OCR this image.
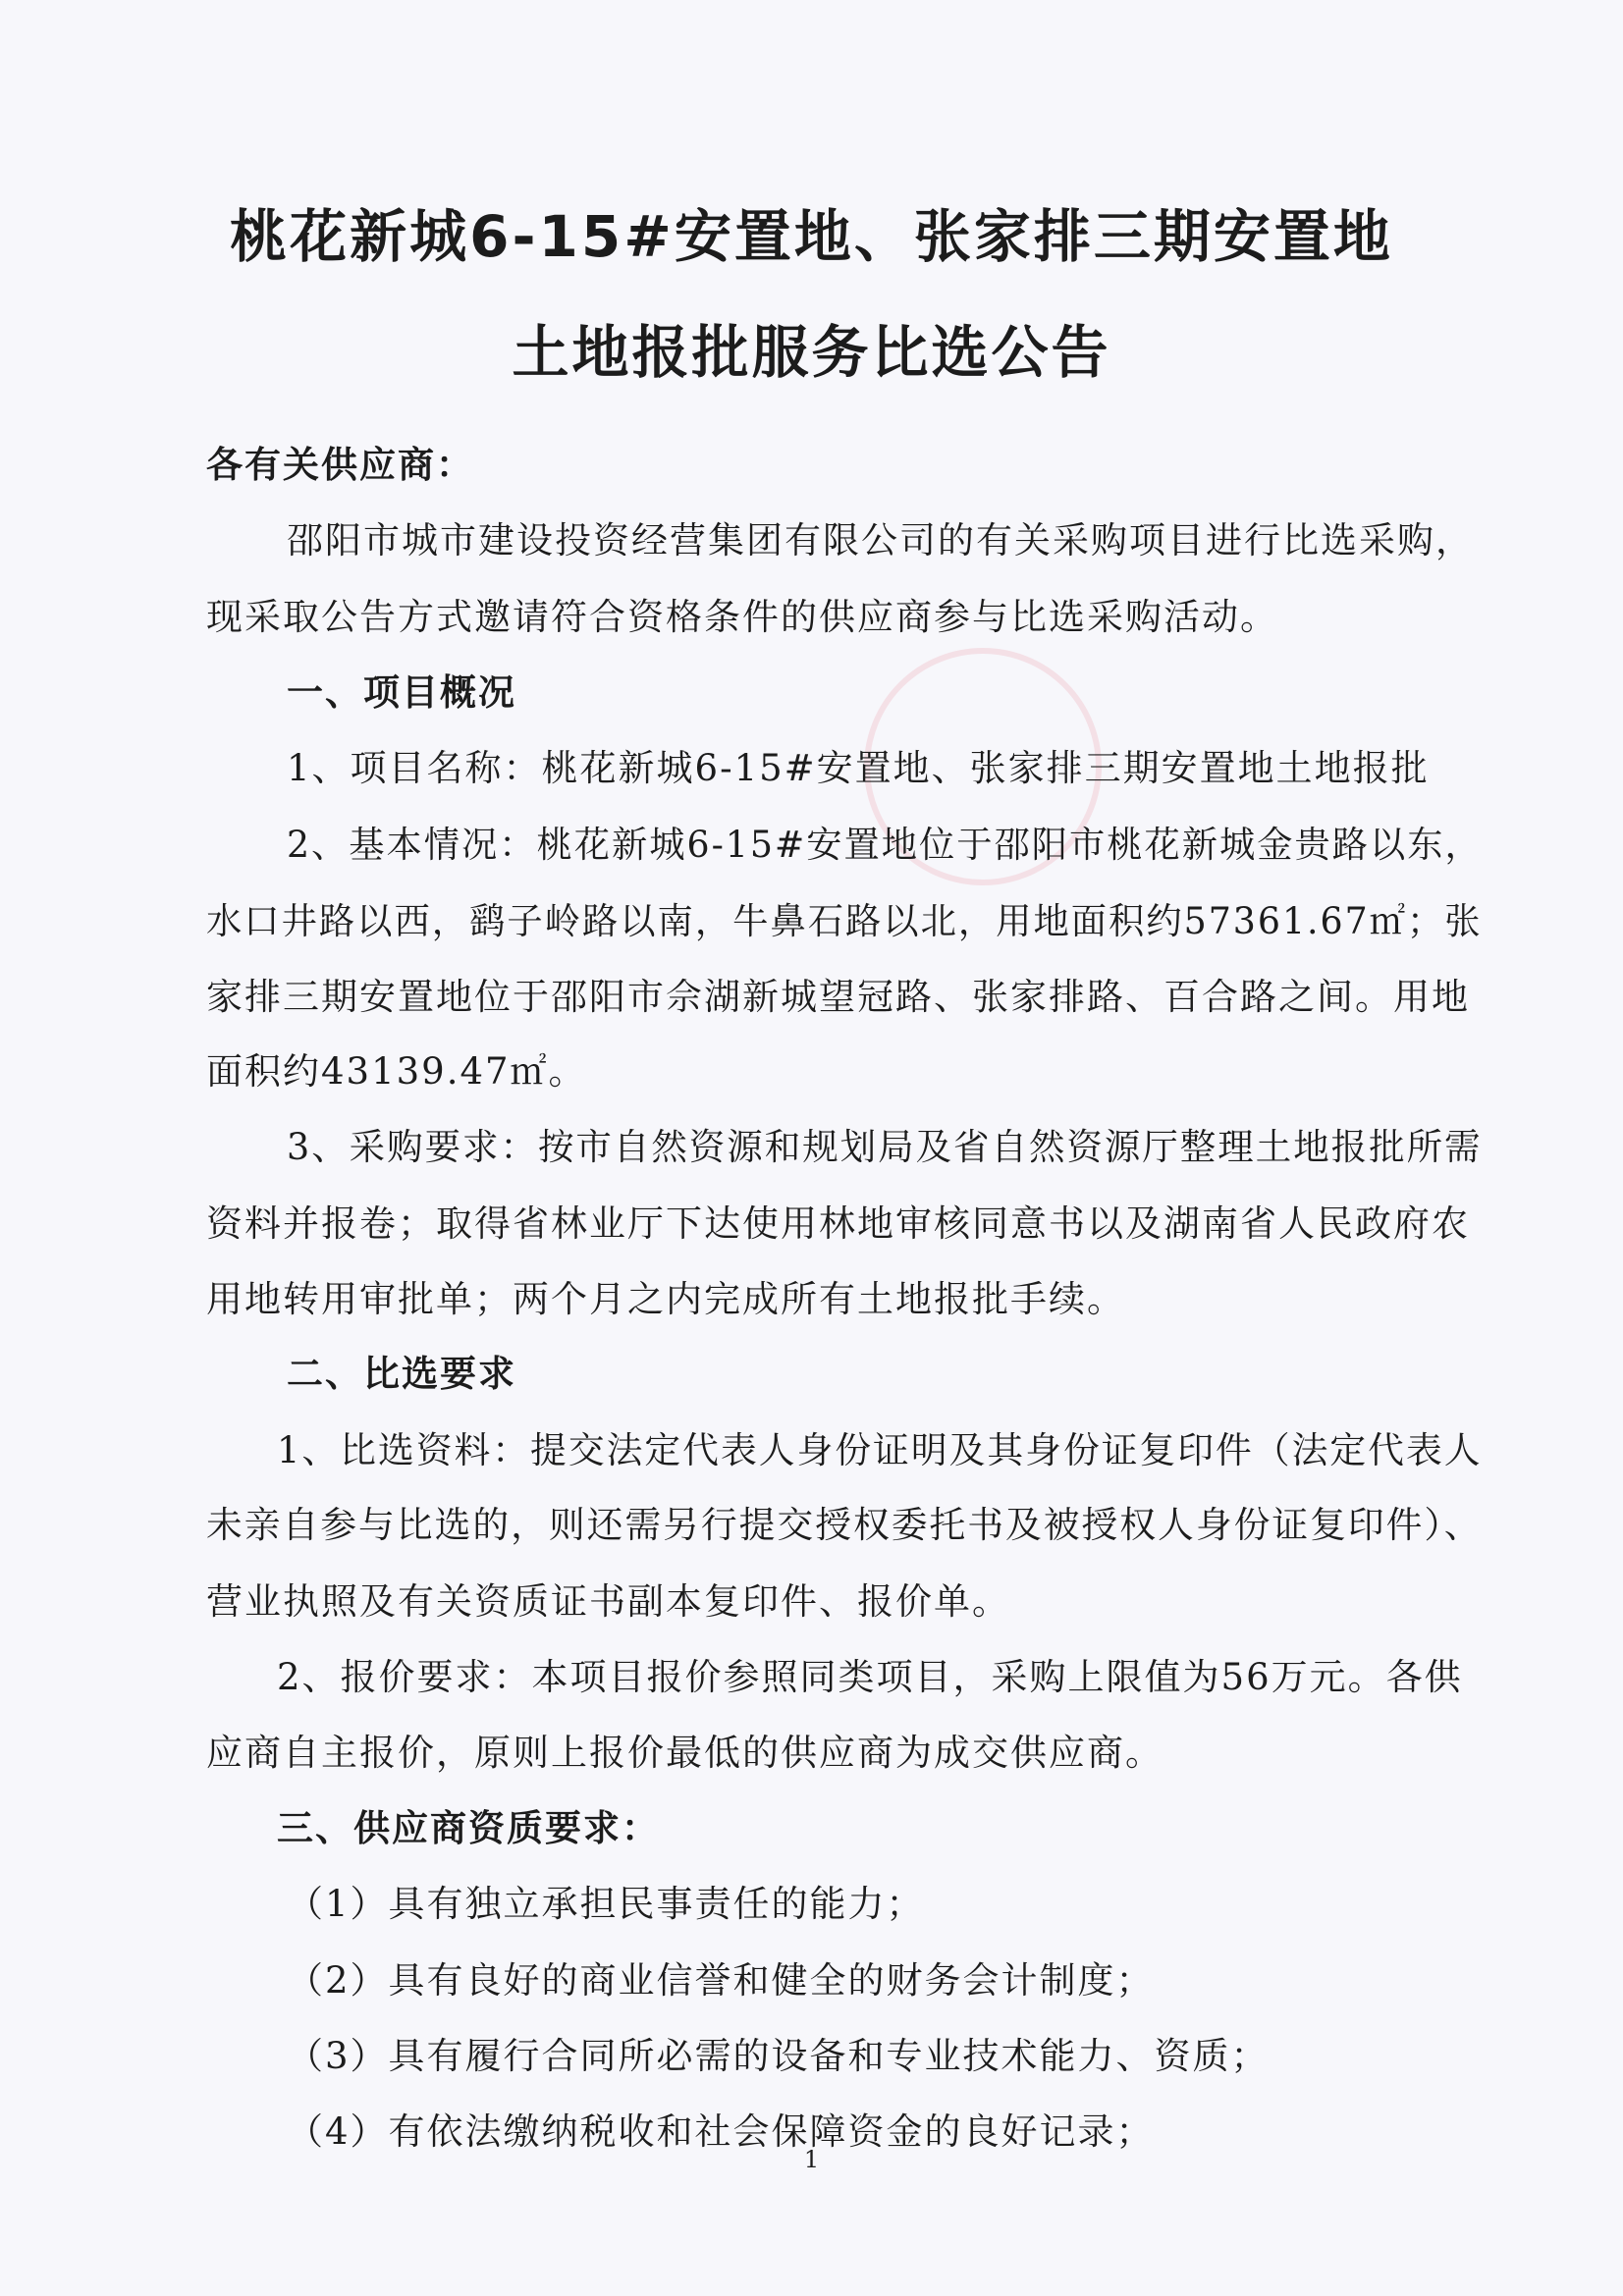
桃花新城6-15#安置地、张家排三期安置地
土地报批服务比选公告
各有关供应商：
邵阳市城市建设投资经营集团有限公司的有关采购项目进行比选采购，
现采取公告方式邀请符合资格条件的供应商参与比选采购活动。
一、项目概况
1、项目名称：桃花新城6-15#安置地、张家排三期安置地土地报批
2、基本情况：桃花新城6-15#安置地位于邵阳市桃花新城金贵路以东，
水口井路以西，鹞子岭路以南，牛鼻石路以北，用地面积约57361.67㎡；张
家排三期安置地位于邵阳市佘湖新城望冠路、张家排路、百合路之间。用地
面积约43139.47㎡。
3、采购要求：按市自然资源和规划局及省自然资源厅整理土地报批所需
资料并报卷；取得省林业厅下达使用林地审核同意书以及湖南省人民政府农
用地转用审批单；两个月之内完成所有土地报批手续。
二、比选要求
1、比选资料：提交法定代表人身份证明及其身份证复印件（法定代表人
未亲自参与比选的，则还需另行提交授权委托书及被授权人身份证复印件）、
营业执照及有关资质证书副本复印件、报价单。
2、报价要求：本项目报价参照同类项目，采购上限值为56万元。各供
应商自主报价，原则上报价最低的供应商为成交供应商。
三、供应商资质要求：
（1）具有独立承担民事责任的能力；
（2）具有良好的商业信誉和健全的财务会计制度；
（3）具有履行合同所必需的设备和专业技术能力、资质；
（4）有依法缴纳税收和社会保障资金的良好记录；
1
